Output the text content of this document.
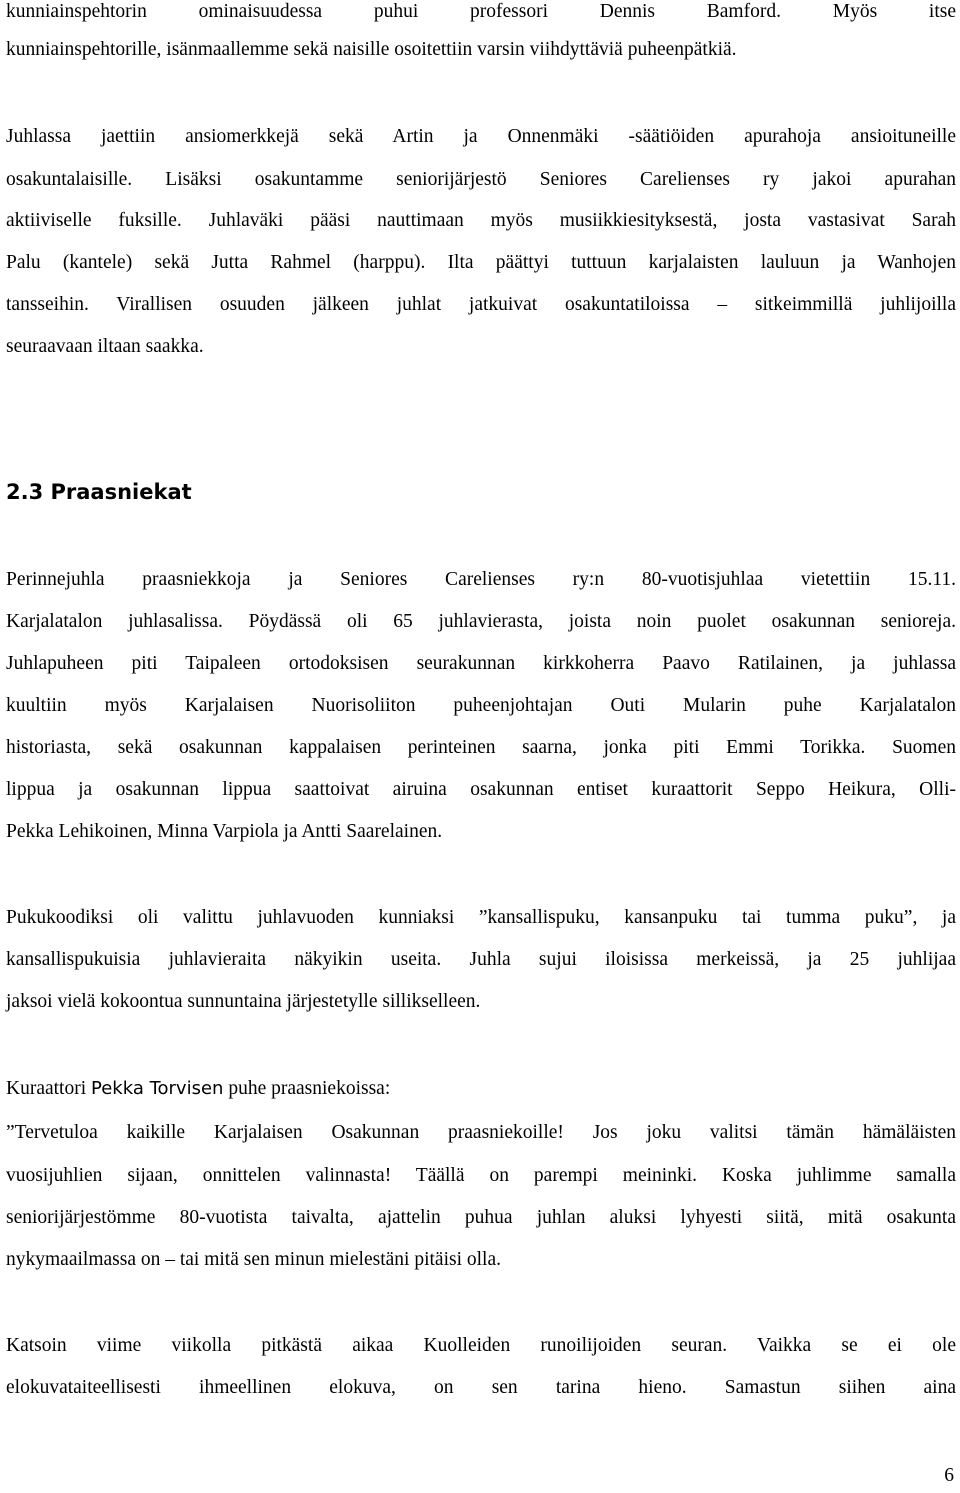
kunniainspehtorin ominaisuudessa puhui professori Dennis Bamford. Myös itse
kunniainspehtorille, isänmaallemme sekä naisille osoitettiin varsin viihdyttäviä puheenpätkiä.
Juhlassa jaettiin ansiomerkkejä sekä Artin ja Onnenmäki -säätiöiden apurahoja ansioituneille
osakuntalaisille. Lisäksi osakuntamme seniorijärjestö Seniores Carelienses ry jakoi apurahan
aktiiviselle fuksille. Juhlaväki pääsi nauttimaan myös musiikkiesityksestä, josta vastasivat Sarah
Palu (kantele) sekä Jutta Rahmel (harppu). Ilta päättyi tuttuun karjalaisten lauluun ja Wanhojen
tansseihin. Virallisen osuuden jälkeen juhlat jatkuivat osakuntatiloissa – sitkeimmillä juhlijoilla
seuraavaan iltaan saakka.
2.3 Praasniekat
Perinnejuhla praasniekkoja ja Seniores Carelienses ry:n 80-vuotisjuhlaa vietettiin 15.11.
Karjalatalon juhlasalissa. Pöydässä oli 65 juhlavierasta, joista noin puolet osakunnan senioreja.
Juhlapuheen piti Taipaleen ortodoksisen seurakunnan kirkkoherra Paavo Ratilainen, ja juhlassa
kuultiin myös Karjalaisen Nuorisoliiton puheenjohtajan Outi Mularin puhe Karjalatalon
historiasta, sekä osakunnan kappalaisen perinteinen saarna, jonka piti Emmi Torikka. Suomen
lippua ja osakunnan lippua saattoivat airuina osakunnan entiset kuraattorit Seppo Heikura, Olli-
Pekka Lehikoinen, Minna Varpiola ja Antti Saarelainen.
Pukukoodiksi oli valittu juhlavuoden kunniaksi ”kansallispuku, kansanpuku tai tumma puku”, ja
kansallispukuisia juhlavieraita näkyikin useita. Juhla sujui iloisissa merkeissä, ja 25 juhlijaa
jaksoi vielä kokoontua sunnuntaina järjestetylle sillikselleen.
Kuraattori Pekka Torvisen puhe praasniekoissa:
”Tervetuloa kaikille Karjalaisen Osakunnan praasniekoille! Jos joku valitsi tämän hämäläisten
vuosijuhlien sijaan, onnittelen valinnasta! Täällä on parempi meininki. Koska juhlimme samalla
seniorijärjestömme 80-vuotista taivalta, ajattelin puhua juhlan aluksi lyhyesti siitä, mitä osakunta
nykymaailmassa on – tai mitä sen minun mielestäni pitäisi olla.
Katsoin viime viikolla pitkästä aikaa Kuolleiden runoilijoiden seuran. Vaikka se ei ole
elokuvataiteellisesti ihmeellinen elokuva, on sen tarina hieno. Samastun siihen aina
6
